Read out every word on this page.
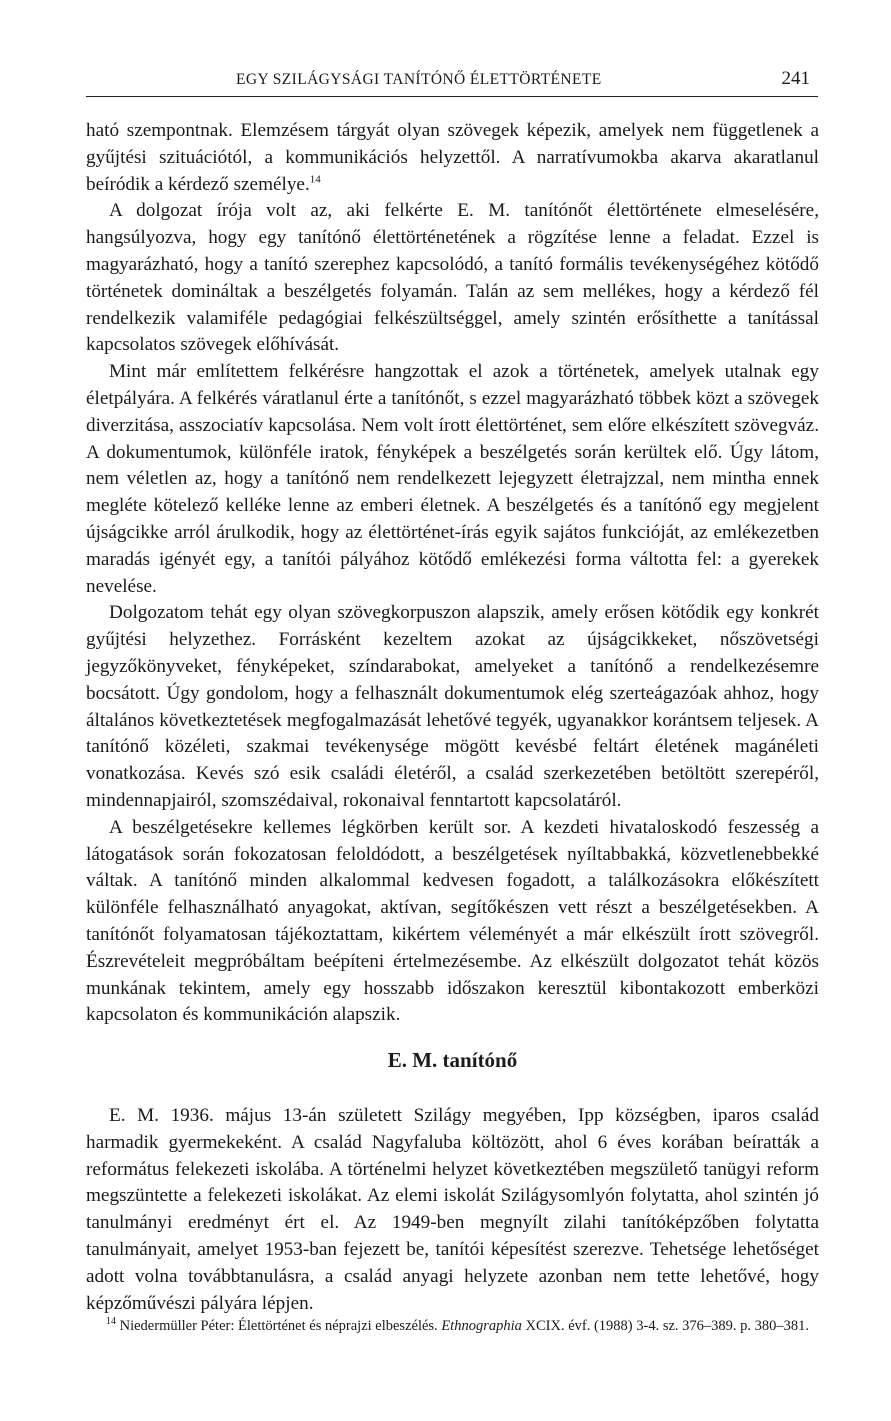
EGY SZILÁGYSÁGI TANÍTÓNŐ ÉLETTÖRTÉNETE	241

ható szempontnak. Elemzésem tárgyát olyan szövegek képezik, amelyek nem függetlenek a gyűjtési szituációtól, a kommunikációs helyzettől. A narratívumokba akarva akaratlanul beíródik a kérdező személye.$^{14}$

A dolgozat írója volt az, aki felkérte E. M. tanítónőt élettörténete elmeselésére, hangsúlyozva, hogy egy tanítónő élettörténetének a rögzítése lenne a feladat. Ezzel is magyarázható, hogy a tanító szerephez kapcsolódó, a tanító formális tevékenységéhez kötődő történetek domináltak a beszélgetés folyamán. Talán az sem mellékes, hogy a kérdező fél rendelkezik valamiféle pedagógiai felkészültséggel, amely szintén erősíthette a tanítással kapcsolatos szövegek előhívását.

Mint már említettem felkérésre hangzottak el azok a történetek, amelyek utalnak egy életpályára. A felkérés váratlanul érte a tanítónőt, s ezzel magyarázható többek közt a szövegek diverzitása, asszociatív kapcsolása. Nem volt írott élettörténet, sem előre elkészített szövegváz. A dokumentumok, különféle iratok, fényképek a beszélgetés során kerültek elő. Úgy látom, nem véletlen az, hogy a tanítónő nem rendelkezett lejegyzett életrajzzal, nem mintha ennek megléte kötelező kelléke lenne az emberi életnek. A beszélgetés és a tanítónő egy megjelent újságcikke arról árulkodik, hogy az élettörténet-írás egyik sajátos funkcióját, az emlékezetben maradás igényét egy, a tanítói pályához kötődő emlékezési forma váltotta fel: a gyerekek nevelése.

Dolgozatom tehát egy olyan szövegkorpuszon alapszik, amely erősen kötődik egy konkrét gyűjtési helyzethez. Forrásként kezeltem azokat az újságcikkeket, nőszövetségi jegyzőkönyveket, fényképeket, színdarabokat, amelyeket a tanítónő a rendelkezésemre bocsátott. Úgy gondolom, hogy a felhasznált dokumentumok elég szerteágazóak ahhoz, hogy általános következtetések megfogalmazását lehetővé tegyék, ugyanakkor korántsem teljesek. A tanítónő közéleti, szakmai tevékenysége mögött kevésbé feltárt életének magánéleti vonatkozása. Kevés szó esik családi életéről, a család szerkezetében betöltött szerepéről, mindennapjairól, szomszédaival, rokonaival fenntartott kapcsolatáról.

A beszélgetésekre kellemes légkörben került sor. A kezdeti hivataloskodó feszesség a látogatások során fokozatosan feloldódott, a beszélgetések nyíltabbakká, közvetlenebbekké váltak. A tanítónő minden alkalommal kedvesen fogadott, a találkozásokra előkészített különféle felhasználható anyagokat, aktívan, segítőkészen vett részt a beszélgetésekben. A tanítónőt folyamatosan tájékoztattam, kikértem véleményét a már elkészült írott szövegről. Észrevételeit megpróbáltam beépíteni értelmezésembe. Az elkészült dolgozatot tehát közös munkának tekintem, amely egy hosszabb időszakon keresztül kibontakozott emberközi kapcsolaton és kommunikáción alapszik.

E. M. tanítónő

E. M. 1936. május 13-án született Szilágy megyében, Ipp községben, iparos család harmadik gyermekeként. A család Nagyfaluba költözött, ahol 6 éves korában beíratták a református felekezeti iskolába. A történelmi helyzet következtében megszülető tanügyi reform megszüntette a felekezeti iskolákat. Az elemi iskolát Szilágysomlyón folytatta, ahol szintén jó tanulmányi eredményt ért el. Az 1949-ben megnyílt zilahi tanítóképzőben folytatta tanulmányait, amelyet 1953-ban fejezett be, tanítói képesítést szerezve. Tehetsége lehetőséget adott volna továbbtanulásra, a család anyagi helyzete azonban nem tette lehetővé, hogy képzőművészi pályára lépjen.

$^{14}$ Niedermüller Péter: Élettörténet és néprajzi elbeszélés. Ethnographia XCIX. évf. (1988) 3-4. sz. 376–389. p. 380–381.
